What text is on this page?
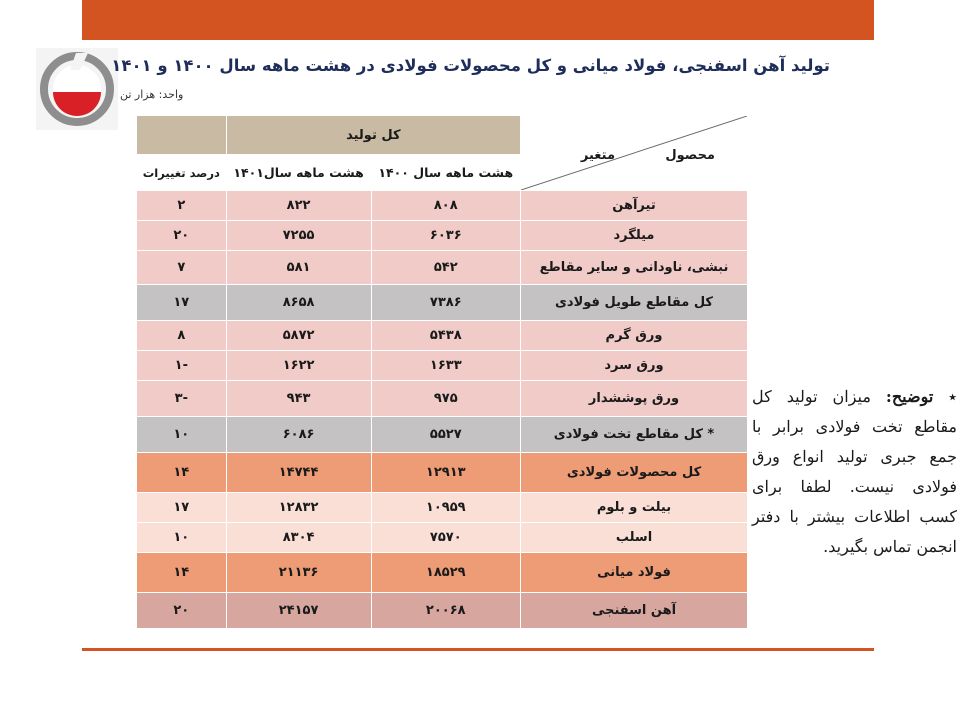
تولید آهن اسفنجی، فولاد میانی و کل محصولات فولادی در هشت ماهه سال ۱۴۰۰ و ۱۴۰۱
واحد: هزار تن
محصول
متغیر	کل تولید		
	هشت ماهه سال ۱۴۰۰	هشت ماهه سال۱۴۰۱	درصد تغییرات
تیرآهن	۸۰۸	۸۲۲	۲
میلگرد	۶۰۳۶	۷۲۵۵	۲۰
نبشی، ناودانی و سایر مقاطع	۵۴۲	۵۸۱	۷
کل مقاطع طویل فولادی	۷۳۸۶	۸۶۵۸	۱۷
ورق گرم	۵۴۳۸	۵۸۷۲	۸
ورق سرد	۱۶۳۳	۱۶۲۲	-۱
ورق پوششدار	۹۷۵	۹۴۳	-۳
* کل مقاطع تخت فولادی	۵۵۲۷	۶۰۸۶	۱۰
کل محصولات فولادی	۱۲۹۱۳	۱۴۷۴۴	۱۴
بیلت و بلوم	۱۰۹۵۹	۱۲۸۳۲	۱۷
اسلب	۷۵۷۰	۸۳۰۴	۱۰
فولاد میانی	۱۸۵۲۹	۲۱۱۳۶	۱۴
آهن اسفنجی	۲۰۰۶۸	۲۴۱۵۷	۲۰
٭ توضیح: میزان تولید کل مقاطع تخت فولادی برابر با جمع جبری تولید انواع ورق فولادی نیست. لطفا برای کسب اطلاعات بیشتر با دفتر انجمن تماس بگیرید.
